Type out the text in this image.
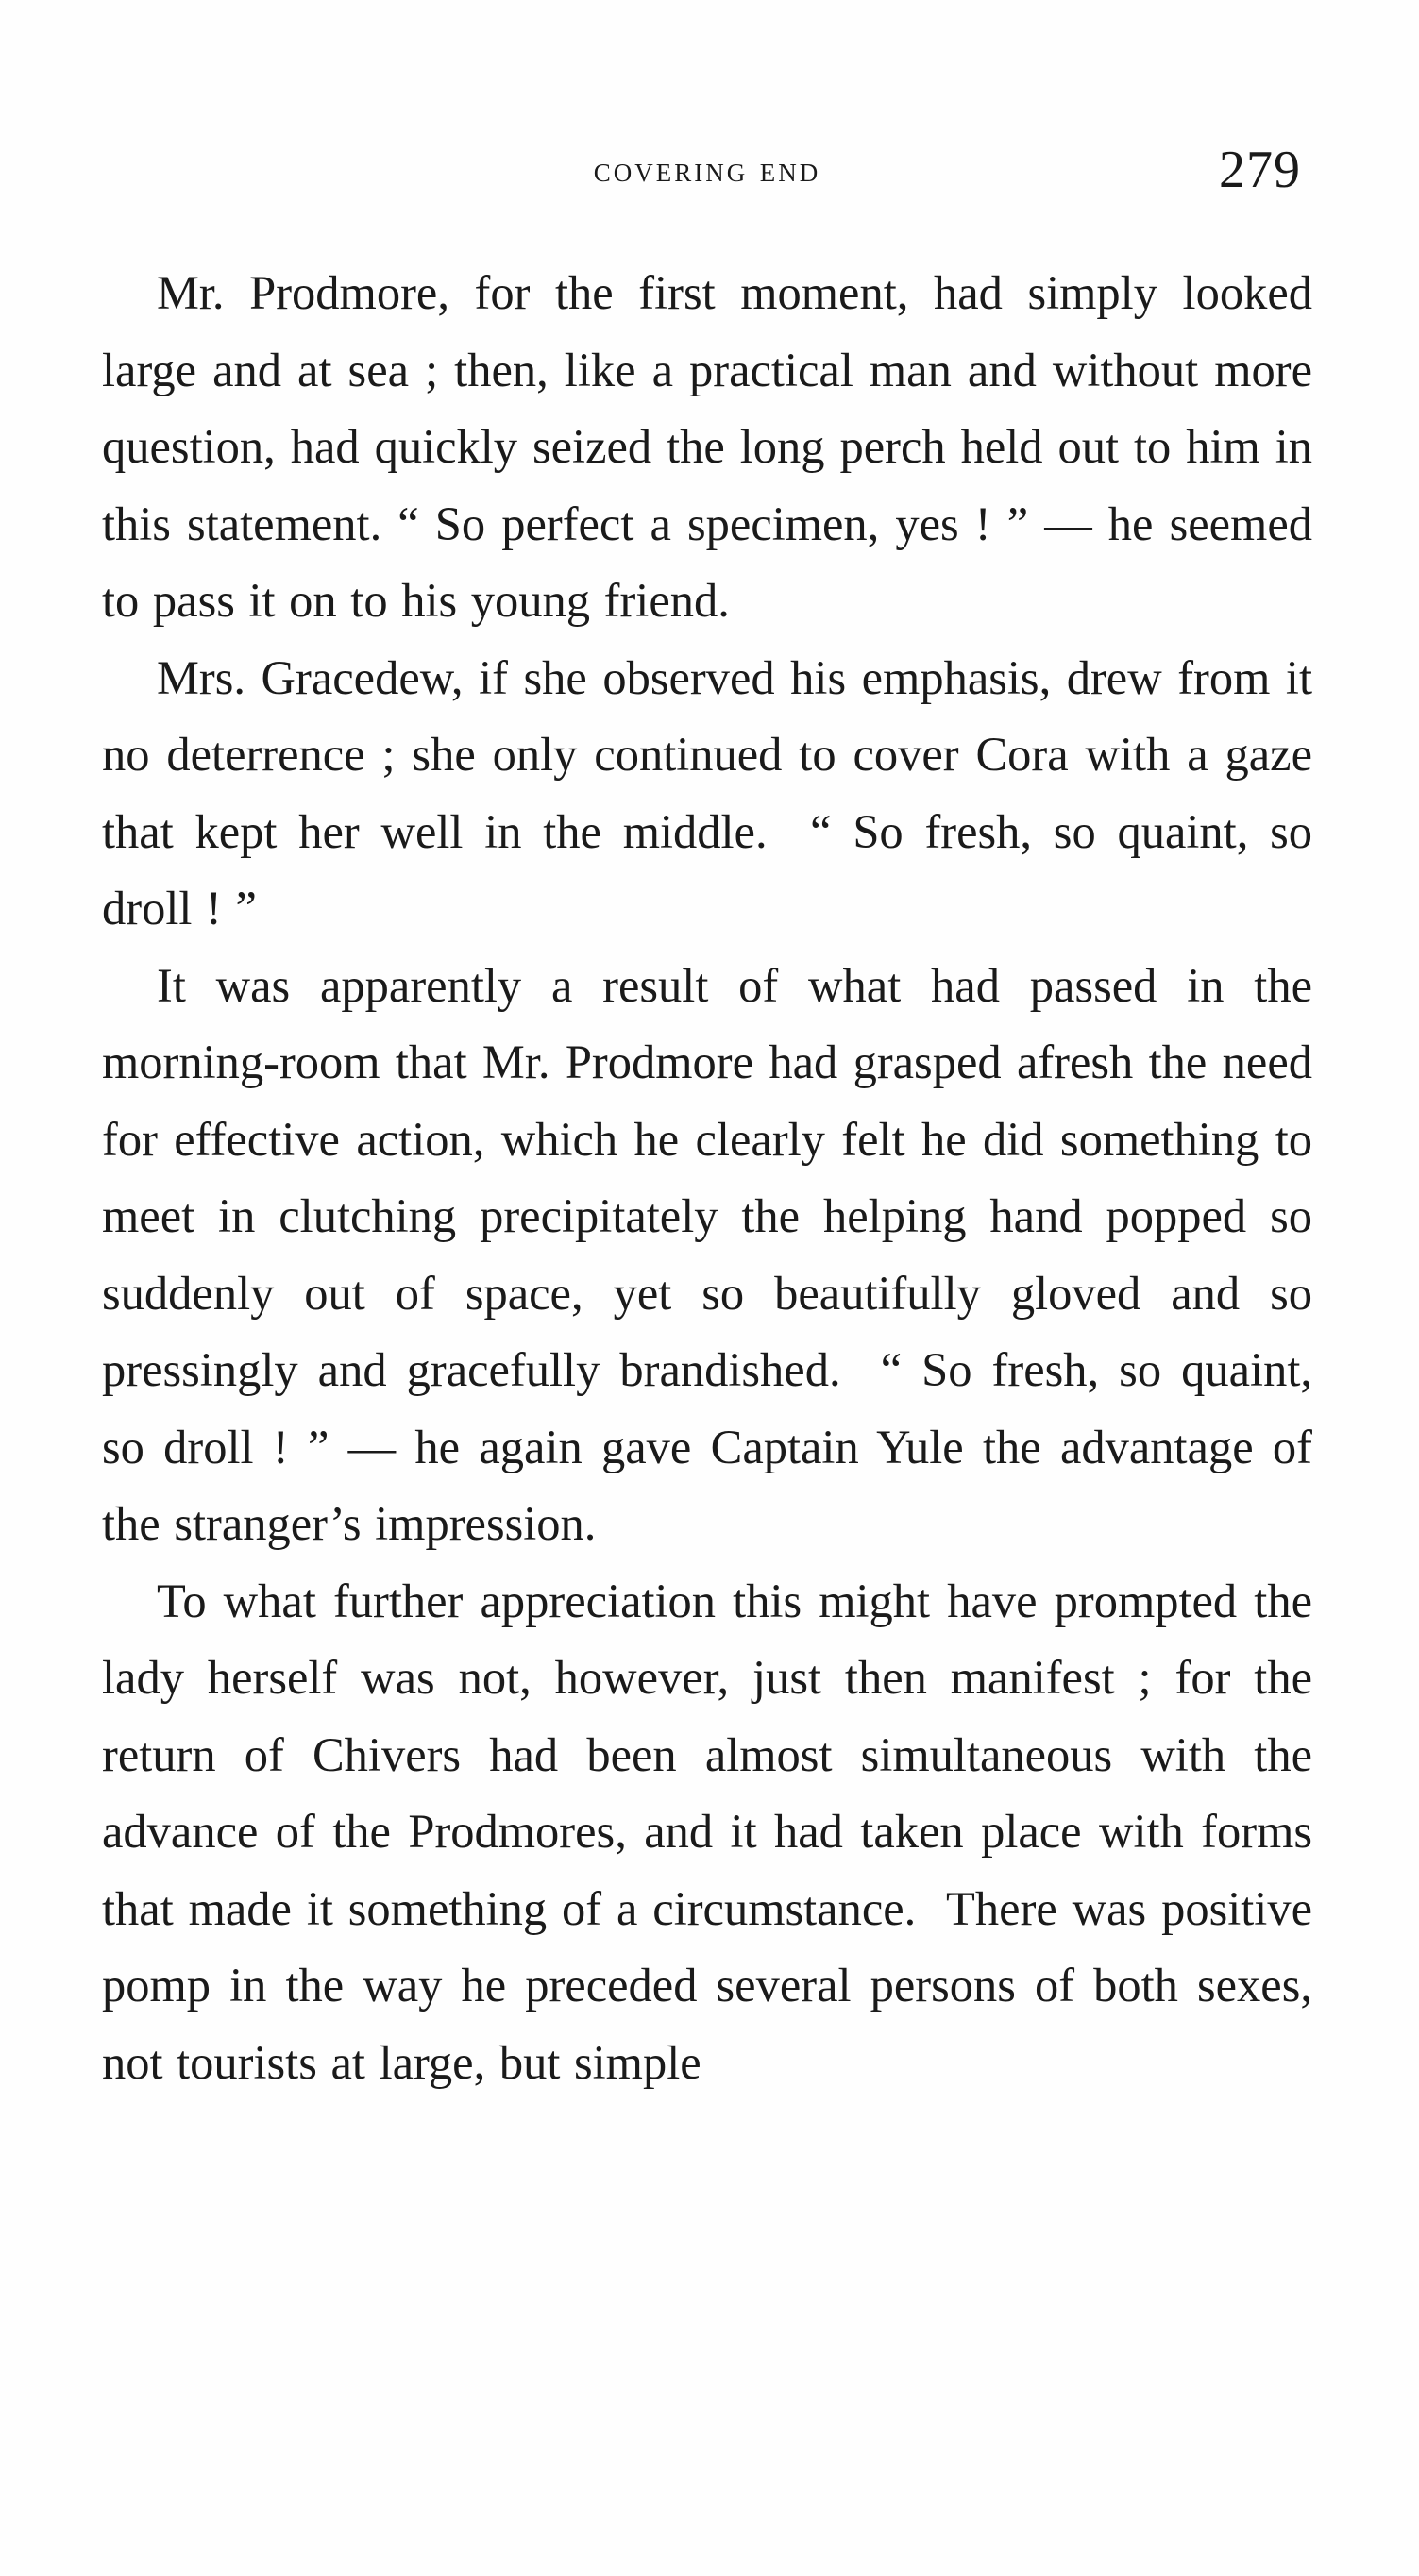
covering end	279

Mr. Prodmore, for the first moment, had simply looked large and at sea ; then, like a practical man and without more question, had quickly seized the long perch held out to him in this statement. “ So perfect a specimen, yes ! ” — he seemed to pass it on to his young friend.

Mrs. Gracedew, if she observed his emphasis, drew from it no deterrence ; she only continued to cover Cora with a gaze that kept her well in the middle.  “ So fresh, so quaint, so droll ! ”

It was apparently a result of what had passed in the morning-room that Mr. Prodmore had grasped afresh the need for effective action, which he clearly felt he did something to meet in clutching precipitately the helping hand popped so suddenly out of space, yet so beautifully gloved and so pressingly and gracefully brandished.  “ So fresh, so quaint, so droll ! ” — he again gave Captain Yule the advantage of the stranger’s impression.

To what further appreciation this might have prompted the lady herself was not, however, just then manifest ; for the return of Chivers had been almost simultaneous with the advance of the Prodmores, and it had taken place with forms that made it something of a circumstance.  There was positive pomp in the way he preceded several persons of both sexes, not tourists at large, but simple
